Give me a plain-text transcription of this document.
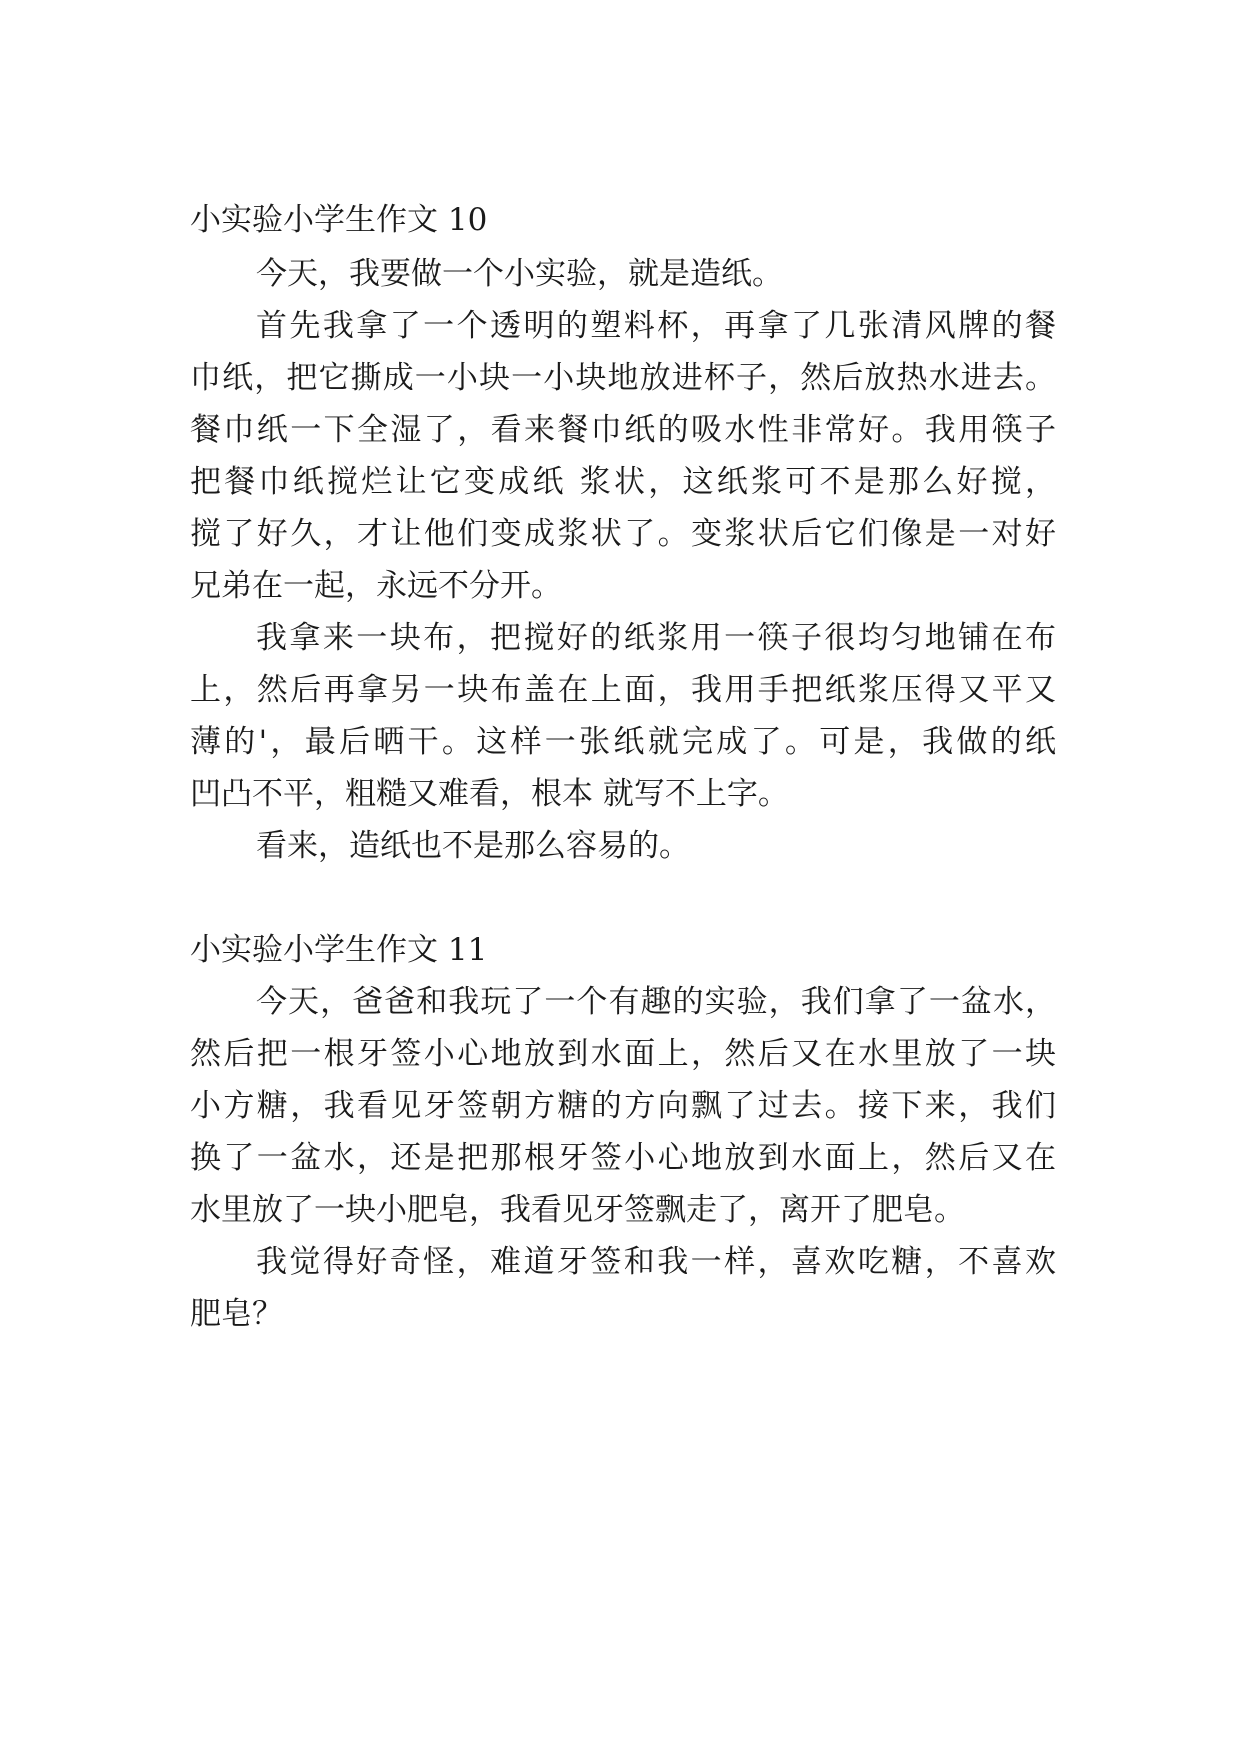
小实验小学生作文 10
今天，我要做一个小实验，就是造纸。
首先我拿了一个透明的塑料杯，再拿了几张清风牌的餐
巾纸，把它撕成一小块一小块地放进杯子，然后放热水进去。
餐巾纸一下全湿了，看来餐巾纸的吸水性非常好。我用筷子
把餐巾纸搅烂让它变成纸 浆状，这纸浆可不是那么好搅，
搅了好久，才让他们变成浆状了。变浆状后它们像是一对好
兄弟在一起，永远不分开。
我拿来一块布，把搅好的纸浆用一筷子很均匀地铺在布
上，然后再拿另一块布盖在上面，我用手把纸浆压得又平又
薄的'，最后晒干。这样一张纸就完成了。可是，我做的纸
凹凸不平，粗糙又难看，根本 就写不上字。
看来，造纸也不是那么容易的。
小实验小学生作文 11
今天，爸爸和我玩了一个有趣的实验，我们拿了一盆水，
然后把一根牙签小心地放到水面上，然后又在水里放了一块
小方糖，我看见牙签朝方糖的方向飘了过去。接下来，我们
换了一盆水，还是把那根牙签小心地放到水面上，然后又在
水里放了一块小肥皂，我看见牙签飘走了，离开了肥皂。
我觉得好奇怪，难道牙签和我一样，喜欢吃糖，不喜欢
肥皂？
